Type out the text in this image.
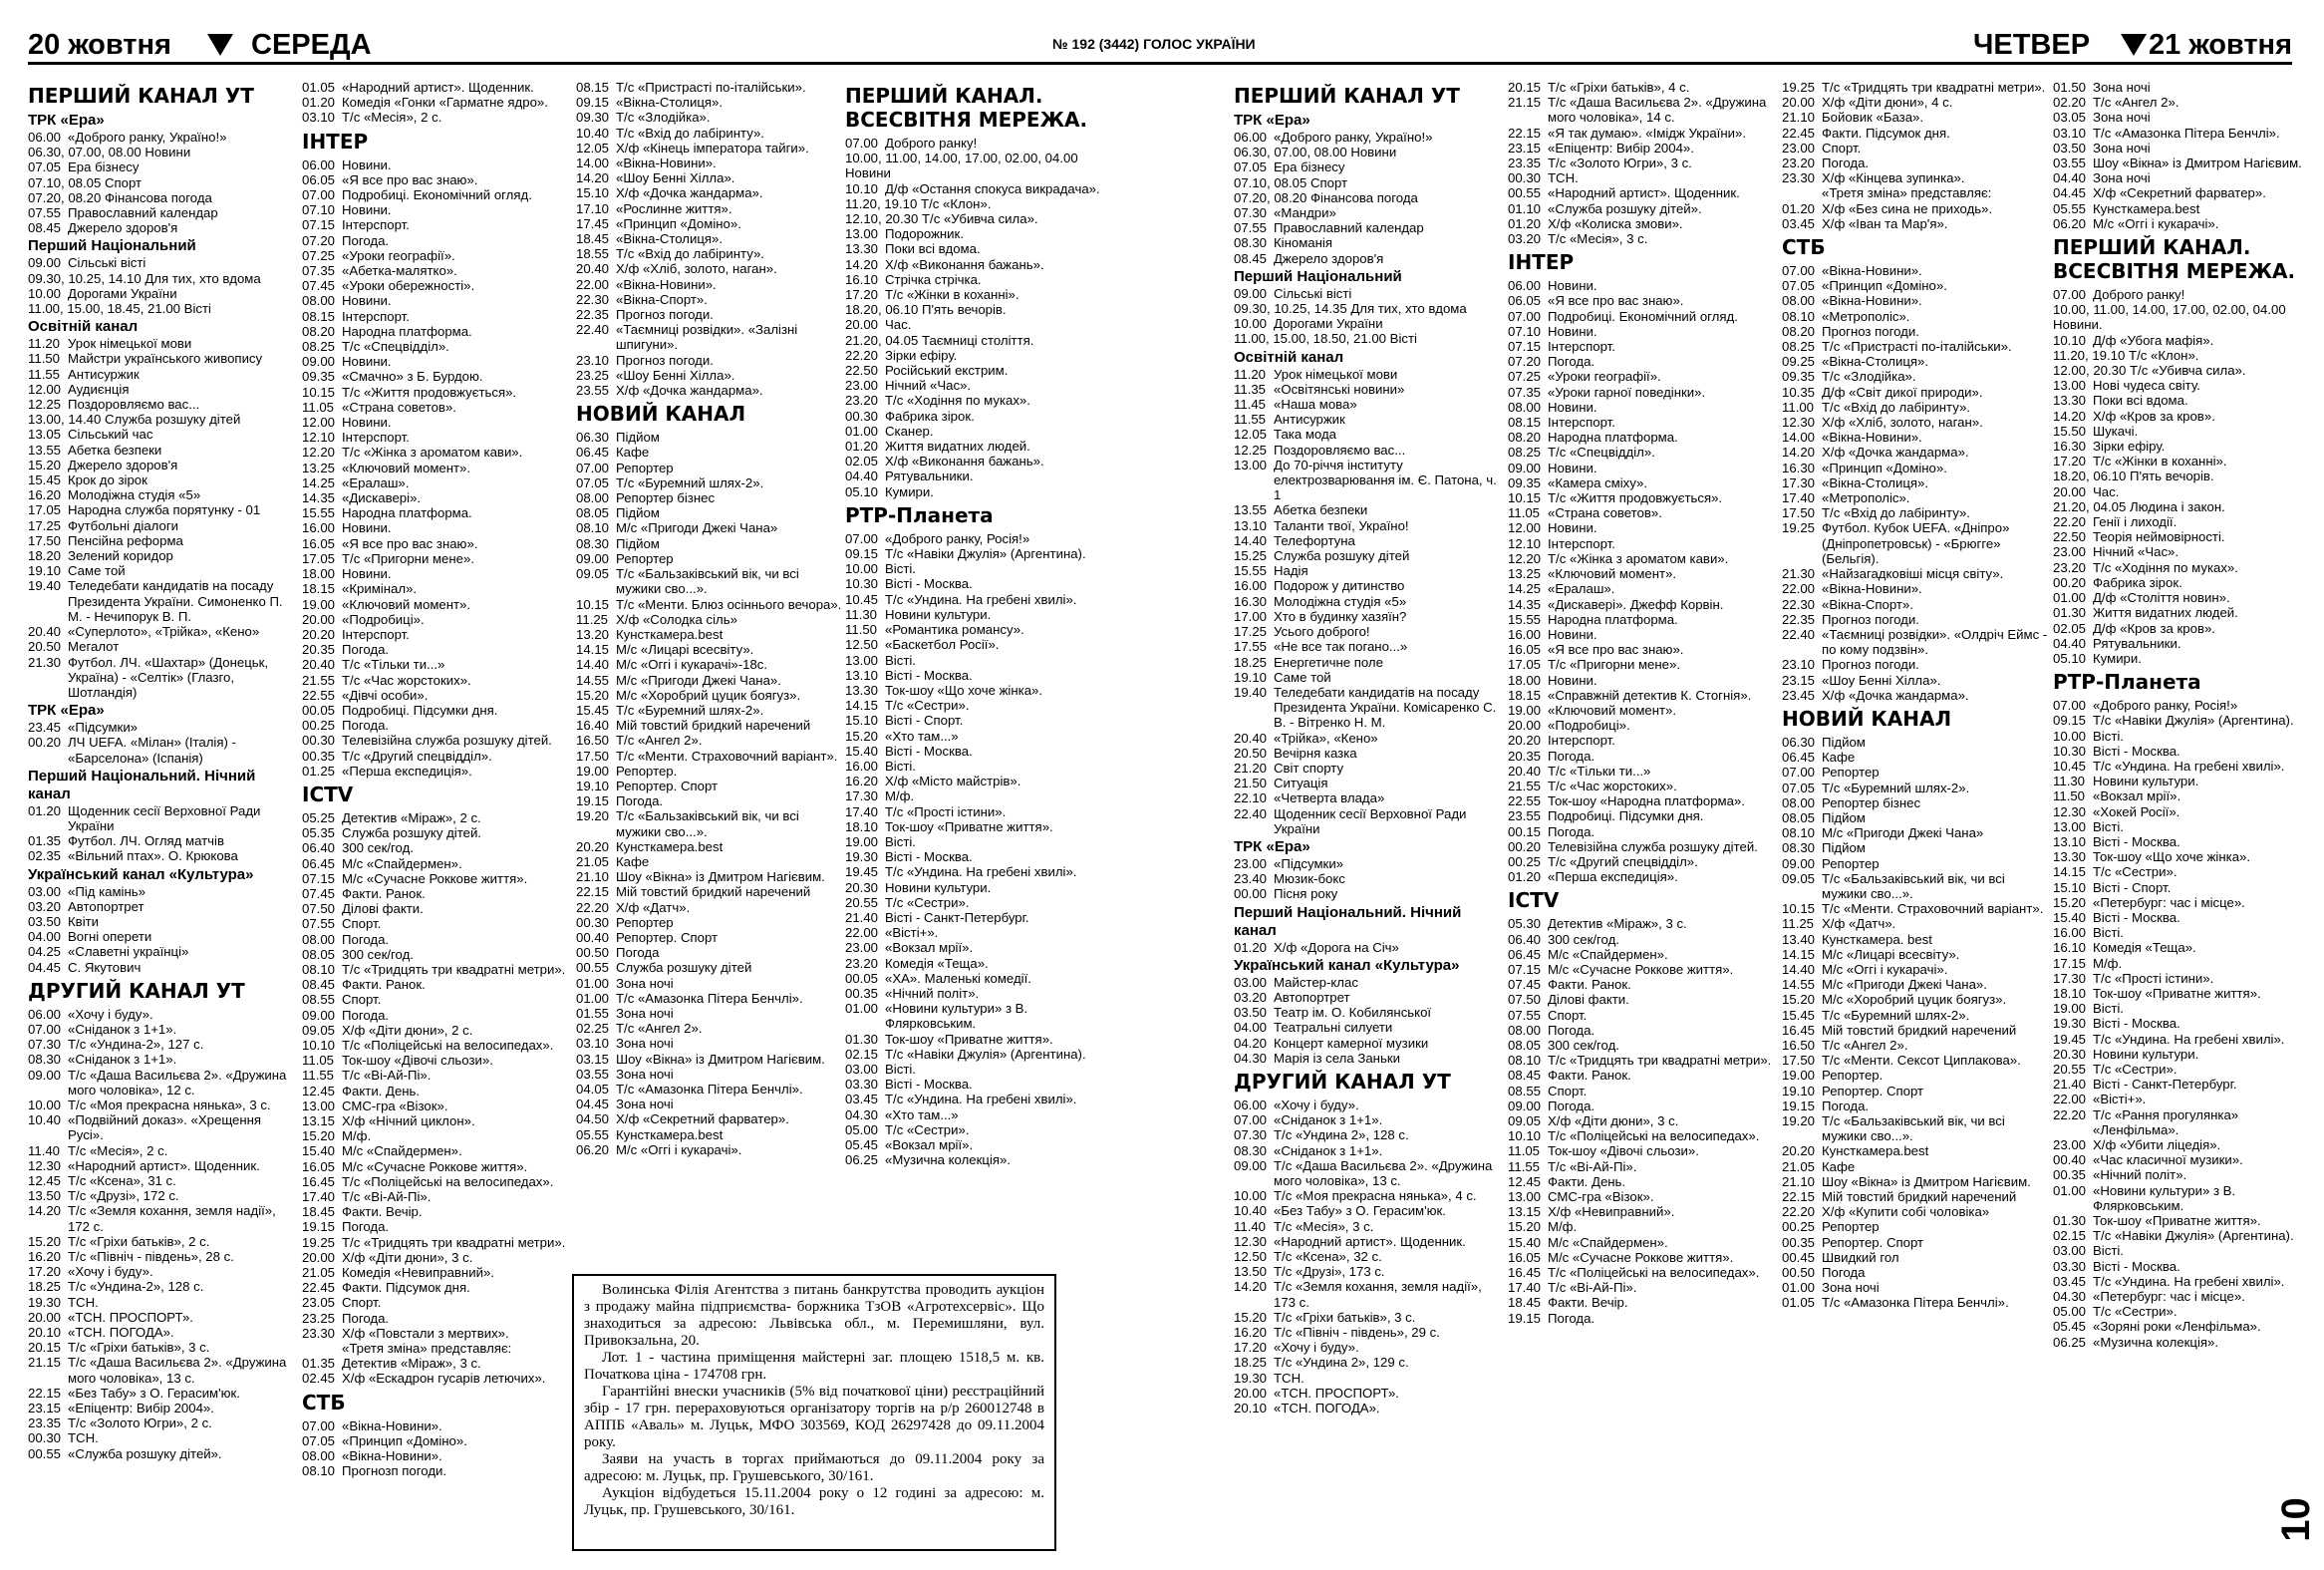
20 жовтня	СЕРЕДА	№ 192 (3442) ГОЛОС УКРАЇНИ	ЧЕТВЕР 21 жовтня
10
ПЕРШИЙ КАНАЛ УТ
ТРК «Ера»
06.00 «Доброго ранку, Україно!»
06.30, 07.00, 08.00 Новини
07.05 Ера бізнесу
07.10, 08.05 Спорт
07.20, 08.20 Фінансова погода
07.55 Православний календар
08.45 Джерело здоров'я
Перший Національний
09.00 Сільські вісті
09.30, 10.25, 14.10 Для тих, хто вдома
10.00 Дорогами України
11.00, 15.00, 18.45, 21.00 Вісті
Освітній канал
11.20 Урок німецької мови
11.50 Майстри українського живопису
11.55 Антисуржик
12.00 Аудиєнція
12.25 Поздоровляємо вас...
13.00, 14.40 Служба розшуку дітей
13.05 Сільський час
13.55 Абетка безпеки
15.20 Джерело здоров'я
15.45 Крок до зірок
16.20 Молодіжна студія «5»
17.05 Народна служба порятунку - 01
17.25 Футбольні діалоги
17.50 Пенсійна реформа
18.20 Зелений коридор
19.10 Саме той
19.40 Теледебати кандидатів на посаду Президента України. Симоненко П. М. - Нечипорук В. П.
20.40 «Суперлото», «Трійка», «Кено»
20.50 Мегалот
21.30 Футбол. ЛЧ. «Шахтар» (Донецьк, Україна) - «Селтік» (Глазго, Шотландія)
ТРК «Ера»
23.45 «Підсумки»
00.20 ЛЧ UEFA. «Мілан» (Італія) - «Барселона» (Іспанія)
Перший Національний. Нічний канал
01.20 Щоденник сесії Верховної Ради України
01.35 Футбол. ЛЧ. Огляд матчів
02.35 «Вільний птах». О. Крюкова
Український канал «Культура»
03.00 «Під камінь»
03.20 Автопортрет
03.50 Квіти
04.00 Вогні оперети
04.25 «Славетні українці»
04.45 С. Якутович
ДРУГИЙ КАНАЛ УТ
06.00 «Хочу і буду».
07.00 «Сніданок з 1+1».
07.30 Т/с «Ундина-2», 127 с.
08.30 «Сніданок з 1+1».
09.00 Т/с «Даша Васильєва 2». «Дружина мого чоловіка», 12 с.
10.00 Т/с «Моя прекрасна нянька», 3 с.
10.40 «Подвійний доказ». «Хрещення Русі».
11.40 Т/с «Месія», 2 с.
12.30 «Народний артист». Щоденник.
12.45 Т/с «Ксена», 31 с.
13.50 Т/с «Друзі», 172 с.
14.20 Т/с «Земля кохання, земля надії», 172 с.
15.20 Т/с «Гріхи батьків», 2 с.
16.20 Т/с «Північ - південь», 28 с.
17.20 «Хочу і буду».
18.25 Т/с «Ундина-2», 128 с.
19.30 ТСН.
20.00 «ТСН. ПРОСПОРТ».
20.10 «ТСН. ПОГОДА».
20.15 Т/с «Гріхи батьків», 3 с.
21.15 Т/с «Даша Васильєва 2». «Дружина мого чоловіка», 13 с.
22.15 «Без Табу» з О. Герасим'юк.
23.15 «Епіцентр: Вибір 2004».
23.35 Т/с «Золото Югри», 2 с.
00.30 ТСН.
00.55 «Служба розшуку дітей».
01.05 «Народний артист». Щоденник.
01.20 Комедія «Гонки «Гарматне ядро».
03.10 Т/с «Месія», 2 с.
ІНТЕР
06.00 Новини.
06.05 «Я все про вас знаю».
07.00 Подробиці. Економічний огляд.
07.10 Новини.
07.15 Інтерспорт.
07.20 Погода.
07.25 «Уроки географії».
07.35 «Абетка-малятко».
07.45 «Уроки обережності».
08.00 Новини.
08.15 Інтерспорт.
08.20 Народна платформа.
08.25 Т/с «Спецвідділ».
09.00 Новини.
09.35 «Смачно» з Б. Бурдою.
10.15 Т/с «Життя продовжується».
11.05 «Страна советов».
12.00 Новини.
12.10 Інтерспорт.
12.20 Т/с «Жінка з ароматом кави».
13.25 «Ключовий момент».
14.25 «Ералаш».
14.35 «Дискавері».
15.55 Народна платформа.
16.00 Новини.
16.05 «Я все про вас знаю».
17.05 Т/с «Пригорни мене».
18.00 Новини.
18.15 «Кримінал».
19.00 «Ключовий момент».
20.00 «Подробиці».
20.20 Інтерспорт.
20.35 Погода.
20.40 Т/с «Тільки ти...»
21.55 Т/с «Час жорстоких».
22.55 «Дівчі особи».
00.05 Подробиці. Підсумки дня.
00.25 Погода.
00.30 Телевізійна служба розшуку дітей.
00.35 Т/с «Другий спецвідділ».
01.25 «Перша експедиція».
ICTV
05.25 Детектив «Міраж», 2 с.
05.35 Служба розшуку дітей.
06.40 300 сек/год.
06.45 М/с «Спайдермен».
07.15 М/с «Сучасне Роккове життя».
07.45 Факти. Ранок.
07.50 Ділові факти.
07.55 Спорт.
08.00 Погода.
08.05 300 сек/год.
08.10 Т/с «Тридцять три квадратні метри».
08.45 Факти. Ранок.
08.55 Спорт.
09.00 Погода.
09.05 Х/ф «Діти дюни», 2 с.
10.10 Т/с «Поліцейські на велосипедах».
11.05 Ток-шоу «Дівочі сльози».
11.55 Т/с «Ві-Ай-Пі».
12.45 Факти. День.
13.00 СМС-гра «Візок».
13.15 Х/ф «Нічний циклон».
15.20 М/ф.
15.40 М/с «Спайдермен».
16.05 М/с «Сучасне Роккове життя».
16.45 Т/с «Поліцейські на велосипедах».
17.40 Т/с «Ві-Ай-Пі».
18.45 Факти. Вечір.
19.15 Погода.
19.25 Т/с «Тридцять три квадратні метри».
20.00 Х/ф «Діти дюни», 3 с.
21.05 Комедія «Невиправний».
22.45 Факти. Підсумок дня.
23.05 Спорт.
23.25 Погода.
23.30 Х/ф «Повстали з мертвих».
«Третя зміна» представляє:
01.35 Детектив «Міраж», 3 с.
02.45 Х/ф «Ескадрон гусарів летючих».
СТБ
07.00 «Вікна-Новини».
07.05 «Принцип «Доміно».
08.00 «Вікна-Новини».
08.10 Прогнозп погоди.
08.15 Т/с «Пристрасті по-італійськи».
09.15 «Вікна-Столиця».
09.30 Т/с «Злодійка».
10.40 Т/с «Вхід до лабіринту».
12.05 Х/ф «Кінець імператора тайги».
14.00 «Вікна-Новини».
14.20 «Шоу Бенні Хілла».
15.10 Х/ф «Дочка жандарма».
17.10 «Рослинне життя».
17.45 «Принцип «Доміно».
18.45 «Вікна-Столиця».
18.55 Т/с «Вхід до лабіринту».
20.40 Х/ф «Хліб, золото, наган».
22.00 «Вікна-Новини».
22.30 «Вікна-Спорт».
22.35 Прогноз погоди.
22.40 «Таємниці розвідки». «Залізні шпигуни».
23.10 Прогноз погоди.
23.25 «Шоу Бенні Хілла».
23.55 Х/ф «Дочка жандарма».
НОВИЙ КАНАЛ
06.30 Підйом
06.45 Кафе
07.00 Репортер
07.05 Т/с «Буремний шлях-2».
08.00 Репортер бізнес
08.05 Підйом
08.10 М/с «Пригоди Джекі Чана»
08.30 Підйом
09.00 Репортер
09.05 Т/с «Бальзаківський вік, чи всі мужики сво...».
10.15 Т/с «Менти. Блюз осіннього вечора».
11.25 Х/ф «Солодка сіль»
13.20 Кунсткамера.best
14.15 М/с «Лицарі всесвіту».
14.40 М/с «Оггі і кукарачі»-18с.
14.55 М/с «Пригоди Джекі Чана».
15.20 М/с «Хоробрий цуцик боягуз».
15.45 Т/с «Буремний шлях-2».
16.40 Мій товстий бридкий наречений
16.50 Т/с «Ангел 2».
17.50 Т/с «Менти. Страховочний варіант».
19.00 Репортер.
19.10 Репортер. Спорт
19.15 Погода.
19.20 Т/с «Бальзаківський вік, чи всі мужики сво...».
20.20 Кунсткамера.best
21.05 Кафе
21.10 Шоу «Вікна» із Дмитром Нагієвим.
22.15 Мій товстий бридкий наречений
22.20 Х/ф «Датч».
00.30 Репортер
00.40 Репортер. Спорт
00.50 Погода
00.55 Служба розшуку дітей
01.00 Зона ночі
01.00 Т/с «Амазонка Пітера Бенчлі».
01.55 Зона ночі
02.25 Т/с «Ангел 2».
03.10 Зона ночі
03.15 Шоу «Вікна» із Дмитром Нагієвим.
03.55 Зона ночі
04.05 Т/с «Амазонка Пітера Бенчлі».
04.45 Зона ночі
04.50 Х/ф «Секретний фарватер».
05.55 Кунсткамера.best
06.20 М/с «Оггі і кукарачі».
ПЕРШИЙ КАНАЛ. ВСЕСВІТНЯ МЕРЕЖА.
07.00 Доброго ранку!
10.00, 11.00, 14.00, 17.00, 02.00, 04.00 Новини
10.10 Д/ф «Остання спокуса викрадача».
11.20, 19.10 Т/с «Клон».
12.10, 20.30 Т/с «Убивча сила».
13.00 Подорожник.
13.30 Поки всі вдома.
14.20 Х/ф «Виконання бажань».
16.10 Стрічка стрічка.
17.20 Т/с «Жінки в коханні».
18.20, 06.10 П'ять вечорів.
20.00 Час.
21.20, 04.05 Таємниці століття.
22.20 Зірки ефіру.
22.50 Російський екстрим.
23.00 Нічний «Час».
23.20 Т/с «Ходіння по муках».
00.30 Фабрика зірок.
01.00 Сканер.
01.20 Життя видатних людей.
02.05 Х/ф «Виконання бажань».
04.40 Рятувальники.
05.10 Кумири.
РТР-Планета
07.00 «Доброго ранку, Росія!»
09.15 Т/с «Навіки Джулія» (Аргентина).
10.00 Вісті.
10.30 Вісті - Москва.
10.45 Т/с «Ундина. На гребені хвилі».
11.30 Новини культури.
11.50 «Романтика романсу».
12.50 «Баскетбол Росії».
13.00 Вісті.
13.10 Вісті - Москва.
13.30 Ток-шоу «Що хоче жінка».
14.15 Т/с «Сестри».
15.10 Вісті - Спорт.
15.20 «Хто там...»
15.40 Вісті - Москва.
16.00 Вісті.
16.20 Х/ф «Місто майстрів».
17.30 М/ф.
17.40 Т/с «Прості істини».
18.10 Ток-шоу «Приватне життя».
19.00 Вісті.
19.30 Вісті - Москва.
19.45 Т/с «Ундина. На гребені хвилі».
20.30 Новини культури.
20.55 Т/с «Сестри».
21.40 Вісті - Санкт-Петербург.
22.00 «Вісті+».
23.00 «Вокзал мрії».
23.20 Комедія «Теща».
00.05 «ХА». Маленькі комедії.
00.35 «Нічний політ».
01.00 «Новини культури» з В. Флярковським.
01.30 Ток-шоу «Приватне життя».
02.15 Т/с «Навіки Джулія» (Аргентина).
03.00 Вісті.
03.30 Вісті - Москва.
03.45 Т/с «Ундина. На гребені хвилі».
04.30 «Хто там...»
05.00 Т/с «Сестри».
05.45 «Вокзал мрії».
06.25 «Музична колекція».
ПЕРШИЙ КАНАЛ УТ
ТРК «Ера»
06.00 «Доброго ранку, Україно!»
06.30, 07.00, 08.00 Новини
07.05 Ера бізнесу
07.10, 08.05 Спорт
07.20, 08.20 Фінансова погода
07.30 «Мандри»
07.55 Православний календар
08.30 Кіноманія
08.45 Джерело здоров'я
Перший Національний
09.00 Сільські вісті
09.30, 10.25, 14.35 Для тих, хто вдома
10.00 Дорогами України
11.00, 15.00, 18.50, 21.00 Вісті
Освітній канал
11.20 Урок німецької мови
11.35 «Освітянські новини»
11.45 «Наша мова»
11.55 Антисуржик
12.05 Така мода
12.25 Поздоровляємо вас...
13.00 До 70-річчя інституту електрозварювання ім. Є. Патона, ч. 1
13.55 Абетка безпеки
13.10 Таланти твої, Україно!
14.40 Телефортуна
15.25 Служба розшуку дітей
15.55 Надія
16.00 Подорож у дитинство
16.30 Молодіжна студія «5»
17.00 Хто в будинку хазяїн?
17.25 Усього доброго!
17.55 «Не все так погано...»
18.25 Енергетичне поле
19.10 Саме той
19.40 Теледебати кандидатів на посаду Президента України. Комісаренко С. В. - Вітренко Н. М.
20.40 «Трійка», «Кено»
20.50 Вечірня казка
21.20 Світ спорту
21.50 Ситуація
22.10 «Четверта влада»
22.40 Щоденник сесії Верховної Ради України
ТРК «Ера»
23.00 «Підсумки»
23.40 Мюзик-бокс
00.00 Пісня року
Перший Національний. Нічний канал
01.20 Х/ф «Дорога на Січ»
Український канал «Культура»
03.00 Майстер-клас
03.20 Автопортрет
03.50 Театр ім. О. Кобилянської
04.00 Театральні силуети
04.20 Концерт камерної музики
04.30 Марія із села Заньки
ДРУГИЙ КАНАЛ УТ
06.00 «Хочу і буду».
07.00 «Сніданок з 1+1».
07.30 Т/с «Ундина 2», 128 с.
08.30 «Сніданок з 1+1».
09.00 Т/с «Даша Васильєва 2». «Дружина мого чоловіка», 13 с.
10.00 Т/с «Моя прекрасна нянька», 4 с.
10.40 «Без Табу» з О. Герасим'юк.
11.40 Т/с «Месія», 3 с.
12.30 «Народний артист». Щоденник.
12.50 Т/с «Ксена», 32 с.
13.50 Т/с «Друзі», 173 с.
14.20 Т/с «Земля кохання, земля надії», 173 с.
15.20 Т/с «Гріхи батьків», 3 с.
16.20 Т/с «Північ - південь», 29 с.
17.20 «Хочу і буду».
18.25 Т/с «Ундина 2», 129 с.
19.30 ТСН.
20.00 «ТСН. ПРОСПОРТ».
20.10 «ТСН. ПОГОДА».
20.15 Т/с «Гріхи батьків», 4 с.
21.15 Т/с «Даша Васильєва 2». «Дружина мого чоловіка», 14 с.
22.15 «Я так думаю». «Імідж України».
23.15 «Епіцентр: Вибір 2004».
23.35 Т/с «Золото Югри», 3 с.
00.30 ТСН.
00.55 «Народний артист». Щоденник.
01.10 «Служба розшуку дітей».
01.20 Х/ф «Колиска змови».
03.20 Т/с «Месія», 3 с.
ІНТЕР
06.00 Новини.
06.05 «Я все про вас знаю».
07.00 Подробиці. Економічний огляд.
07.10 Новини.
07.15 Інтерспорт.
07.20 Погода.
07.25 «Уроки географії».
07.35 «Уроки гарної поведінки».
08.00 Новини.
08.15 Інтерспорт.
08.20 Народна платформа.
08.25 Т/с «Спецвідділ».
09.00 Новини.
09.35 «Камера сміху».
10.15 Т/с «Життя продовжується».
11.05 «Страна советов».
12.00 Новини.
12.10 Інтерспорт.
12.20 Т/с «Жінка з ароматом кави».
13.25 «Ключовий момент».
14.25 «Ералаш».
14.35 «Дискавері». Джефф Корвін.
15.55 Народна платформа.
16.00 Новини.
16.05 «Я все про вас знаю».
17.05 Т/с «Пригорни мене».
18.00 Новини.
18.15 «Справжній детектив К. Стогнія».
19.00 «Ключовий момент».
20.00 «Подробиці».
20.20 Інтерспорт.
20.35 Погода.
20.40 Т/с «Тільки ти...»
21.55 Т/с «Час жорстоких».
22.55 Ток-шоу «Народна платформа».
23.55 Подробиці. Підсумки дня.
00.15 Погода.
00.20 Телевізійна служба розшуку дітей.
00.25 Т/с «Другий спецвідділ».
01.20 «Перша експедиція».
ICTV
05.30 Детектив «Міраж», 3 с.
06.40 300 сек/год.
06.45 М/с «Спайдермен».
07.15 М/с «Сучасне Роккове життя».
07.45 Факти. Ранок.
07.50 Ділові факти.
07.55 Спорт.
08.00 Погода.
08.05 300 сек/год.
08.10 Т/с «Тридцять три квадратні метри».
08.45 Факти. Ранок.
08.55 Спорт.
09.00 Погода.
09.05 Х/ф «Діти дюни», 3 с.
10.10 Т/с «Поліцейські на велосипедах».
11.05 Ток-шоу «Дівочі сльози».
11.55 Т/с «Ві-Ай-Пі».
12.45 Факти. День.
13.00 СМС-гра «Візок».
13.15 Х/ф «Невиправний».
15.20 М/ф.
15.40 М/с «Спайдермен».
16.05 М/с «Сучасне Роккове життя».
16.45 Т/с «Поліцейські на велосипедах».
17.40 Т/с «Ві-Ай-Пі».
18.45 Факти. Вечір.
19.15 Погода.
19.25 Т/с «Тридцять три квадратні метри».
20.00 Х/ф «Діти дюни», 4 с.
21.10 Бойовик «База».
22.45 Факти. Підсумок дня.
23.00 Спорт.
23.20 Погода.
23.30 Х/ф «Кінцева зупинка».
«Третя зміна» представляє:
01.20 Х/ф «Без сина не приходь».
03.45 Х/ф «Іван та Мар'я».
СТБ
07.00 «Вікна-Новини».
07.05 «Принцип «Доміно».
08.00 «Вікна-Новини».
08.10 «Метрополіс».
08.20 Прогноз погоди.
08.25 Т/с «Пристрасті по-італійськи».
09.25 «Вікна-Столиця».
09.35 Т/с «Злодійка».
10.35 Д/ф «Світ дикої природи».
11.00 Т/с «Вхід до лабіринту».
12.30 Х/ф «Хліб, золото, наган».
14.00 «Вікна-Новини».
14.20 Х/ф «Дочка жандарма».
16.30 «Принцип «Доміно».
17.30 «Вікна-Столиця».
17.40 «Метрополіс».
17.50 Т/с «Вхід до лабіринту».
19.25 Футбол. Кубок UEFA. «Дніпро» (Дніпропетровськ) - «Брюгге» (Бельгія).
21.30 «Найзагадковіші місця світу».
22.00 «Вікна-Новини».
22.30 «Вікна-Спорт».
22.35 Прогноз погоди.
22.40 «Таємниці розвідки». «Олдріч Еймс - по кому подзвін».
23.10 Прогноз погоди.
23.15 «Шоу Бенні Хілла».
23.45 Х/ф «Дочка жандарма».
НОВИЙ КАНАЛ
06.30 Підйом
06.45 Кафе
07.00 Репортер
07.05 Т/с «Буремний шлях-2».
08.00 Репортер бізнес
08.05 Підйом
08.10 М/с «Пригоди Джекі Чана»
08.30 Підйом
09.00 Репортер
09.05 Т/с «Бальзаківський вік, чи всі мужики сво...».
10.15 Т/с «Менти. Страховочний варіант».
11.25 Х/ф «Датч».
13.40 Кунсткамера. best
14.15 М/с «Лицарі всесвіту».
14.40 М/с «Оггі і кукарачі».
14.55 М/с «Пригоди Джекі Чана».
15.20 М/с «Хоробрий цуцик боягуз».
15.45 Т/с «Буремний шлях-2».
16.45 Мій товстий бридкий наречений
16.50 Т/с «Ангел 2».
17.50 Т/с «Менти. Сексот Циплакова».
19.00 Репортер.
19.10 Репортер. Спорт
19.15 Погода.
19.20 Т/с «Бальзаківський вік, чи всі мужики сво...».
20.20 Кунсткамера.best
21.05 Кафе
21.10 Шоу «Вікна» із Дмитром Нагієвим.
22.15 Мій товстий бридкий наречений
22.20 Х/ф «Купити собі чоловіка»
00.25 Репортер
00.35 Репортер. Спорт
00.45 Швидкий гол
00.50 Погода
01.00 Зона ночі
01.05 Т/с «Амазонка Пітера Бенчлі».
01.50 Зона ночі
02.20 Т/с «Ангел 2».
03.05 Зона ночі
03.10 Т/с «Амазонка Пітера Бенчлі».
03.50 Зона ночі
03.55 Шоу «Вікна» із Дмитром Нагієвим.
04.40 Зона ночі
04.45 Х/ф «Секретний фарватер».
05.55 Кунсткамера.best
06.20 М/с «Оггі і кукарачі».
ПЕРШИЙ КАНАЛ. ВСЕСВІТНЯ МЕРЕЖА.
07.00 Доброго ранку!
10.00, 11.00, 14.00, 17.00, 02.00, 04.00 Новини.
10.10 Д/ф «Убога мафія».
11.20, 19.10 Т/с «Клон».
12.00, 20.30 Т/с «Убивча сила».
13.00 Нові чудеса світу.
13.30 Поки всі вдома.
14.20 Х/ф «Кров за кров».
15.50 Шукачі.
16.30 Зірки ефіру.
17.20 Т/с «Жінки в коханні».
18.20, 06.10 П'ять вечорів.
20.00 Час.
21.20, 04.05 Людина і закон.
22.20 Генії і лиходії.
22.50 Теорія неймовірності.
23.00 Нічний «Час».
23.20 Т/с «Ходіння по муках».
00.20 Фабрика зірок.
01.00 Д/ф «Століття новин».
01.30 Життя видатних людей.
02.05 Д/ф «Кров за кров».
04.40 Рятувальники.
05.10 Кумири.
РТР-Планета
07.00 «Доброго ранку, Росія!»
09.15 Т/с «Навіки Джулія» (Аргентина).
10.00 Вісті.
10.30 Вісті - Москва.
10.45 Т/с «Ундина. На гребені хвилі».
11.30 Новини культури.
11.50 «Вокзал мрії».
12.30 «Хокей Росії».
13.00 Вісті.
13.10 Вісті - Москва.
13.30 Ток-шоу «Що хоче жінка».
14.15 Т/с «Сестри».
15.10 Вісті - Спорт.
15.20 «Петербург: час і місце».
15.40 Вісті - Москва.
16.00 Вісті.
16.10 Комедія «Теща».
17.15 М/ф.
17.30 Т/с «Прості істини».
18.10 Ток-шоу «Приватне життя».
19.00 Вісті.
19.30 Вісті - Москва.
19.45 Т/с «Ундина. На гребені хвилі».
20.30 Новини культури.
20.55 Т/с «Сестри».
21.40 Вісті - Санкт-Петербург.
22.00 «Вісті+».
22.20 Т/с «Рання прогулянка» «Ленфільма».
23.00 Х/ф «Убити ліцедія».
00.40 «Час класичної музики».
00.35 «Нічний політ».
01.00 «Новини культури» з В. Флярковським.
01.30 Ток-шоу «Приватне життя».
02.15 Т/с «Навіки Джулія» (Аргентина).
03.00 Вісті.
03.30 Вісті - Москва.
03.45 Т/с «Ундина. На гребені хвилі».
04.30 «Петербург: час і місце».
05.00 Т/с «Сестри».
05.45 «Зоряні роки «Ленфільма».
06.25 «Музична колекція».

Волинська Філія Агентства з питань банкрутства проводить аукціон з продажу майна підприємства- боржника ТзОВ «Агротехсервіс». Що знаходиться за адресою: Львівська обл., м. Перемишляни, вул. Привокзальна, 20.

Лот. 1 - частина приміщення майстерні заг. площею 1518,5 м. кв. Початкова ціна - 174708 грн.

Гарантійні внески учасників (5% від початкової ціни) реєстраційний збір - 17 грн. перераховуються організатору торгів на р/р 260012748 в АППБ «Аваль» м. Луцьк, МФО 303569, КОД 26297428 до 09.11.2004 року.

Заяви на участь в торгах приймаються до 09.11.2004 року за адресою: м. Луцьк, пр. Грушевського, 30/161.

Аукціон відбудеться 15.11.2004 року о 12 годині за адресою: м. Луцьк, пр. Грушевського, 30/161.
